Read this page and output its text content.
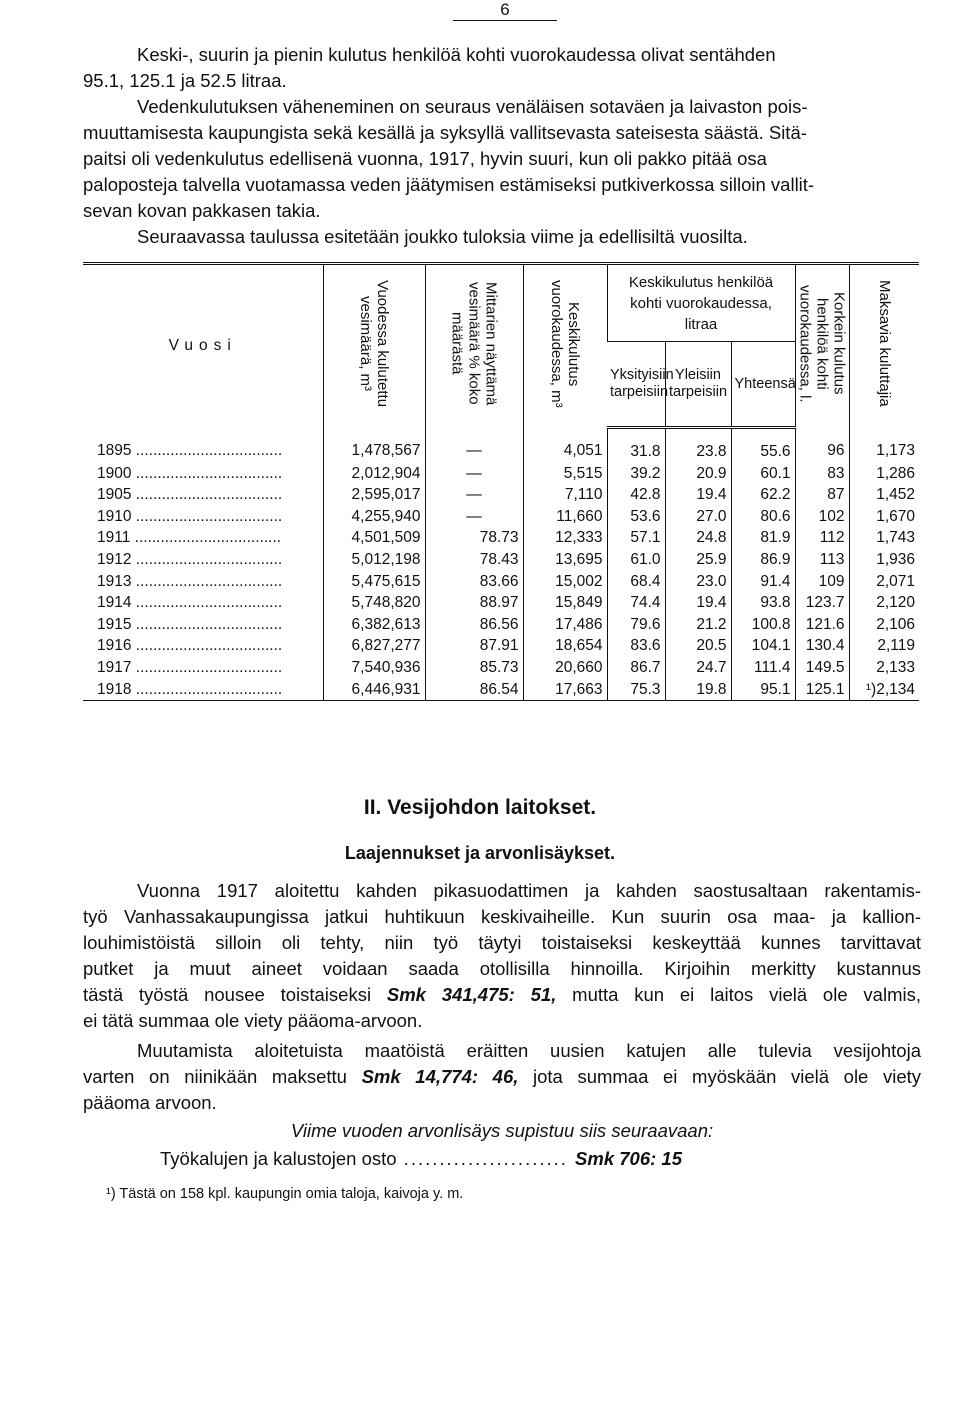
6
Keski-, suurin ja pienin kulutus henkilöä kohti vuorokaudessa olivat sentähden
95.1, 125.1 ja 52.5 litraa.
Vedenkulutuksen väheneminen on seuraus venäläisen sotaväen ja laivaston pois-
muuttamisesta kaupungista sekä kesällä ja syksyllä vallitsevasta sateisesta säästä. Sitä-
paitsi oli vedenkulutus edellisenä vuonna, 1917, hyvin suuri, kun oli pakko pitää osa
paloposteja talvella vuotamassa veden jäätymisen estämiseksi putkiverkossa silloin vallit-
sevan kovan pakkasen takia.
Seuraavassa taulussa esitetään joukko tuloksia viime ja edellisiltä vuosilta.
Vuosi	Vuodessa kulutettu vesimäärä, m³	Mittarien näyttämä vesimäärä % koko määrästä	Keskikulutus vuorokaudessa, m³	Keskikulutus henkilöä kohti vuorokaudessa, litraa			Korkein kulutus henkilöä kohti vuorokaudessa, l.	Maksavia kuluttajia
				Yksityisiin tarpeisiin	Yleisiin tarpeisiin	Yhteensä		
1895 ..................................	1,478,567	—	4,051	31.8	23.8	55.6	96	1,173
1900 ..................................	2,012,904	—	5,515	39.2	20.9	60.1	83	1,286
1905 ..................................	2,595,017	—	7,110	42.8	19.4	62.2	87	1,452
1910 ..................................	4,255,940	—	11,660	53.6	27.0	80.6	102	1,670
1911 ..................................	4,501,509	78.73	12,333	57.1	24.8	81.9	112	1,743
1912 ..................................	5,012,198	78.43	13,695	61.0	25.9	86.9	113	1,936
1913 ..................................	5,475,615	83.66	15,002	68.4	23.0	91.4	109	2,071
1914 ..................................	5,748,820	88.97	15,849	74.4	19.4	93.8	123.7	2,120
1915 ..................................	6,382,613	86.56	17,486	79.6	21.2	100.8	121.6	2,106
1916 ..................................	6,827,277	87.91	18,654	83.6	20.5	104.1	130.4	2,119
1917 ..................................	7,540,936	85.73	20,660	86.7	24.7	111.4	149.5	2,133
1918 ..................................	6,446,931	86.54	17,663	75.3	19.8	95.1	125.1	¹)2,134
II. Vesijohdon laitokset.
Laajennukset ja arvonlisäykset.
Vuonna 1917 aloitettu kahden pikasuodattimen ja kahden saostusaltaan rakentamis-
työ Vanhassakaupungissa jatkui huhtikuun keskivaiheille. Kun suurin osa maa- ja kallion-
louhimistöistä silloin oli tehty, niin työ täytyi toistaiseksi keskeyttää kunnes tarvittavat
putket ja muut aineet voidaan saada otollisilla hinnoilla. Kirjoihin merkitty kustannus
tästä työstä nousee toistaiseksi Smk 341,475: 51, mutta kun ei laitos vielä ole valmis,
ei tätä summaa ole viety pääoma-arvoon.
Muutamista aloitetuista maatöistä eräitten uusien katujen alle tulevia vesijohtoja
varten on niinikään maksettu Smk 14,774: 46, jota summaa ei myöskään vielä ole viety
pääoma arvoon.
Viime vuoden arvonlisäys supistuu siis seuraavaan:
Työkalujen ja kalustojen osto ....................... Smk 706: 15
¹) Tästä on 158 kpl. kaupungin omia taloja, kaivoja y. m.
